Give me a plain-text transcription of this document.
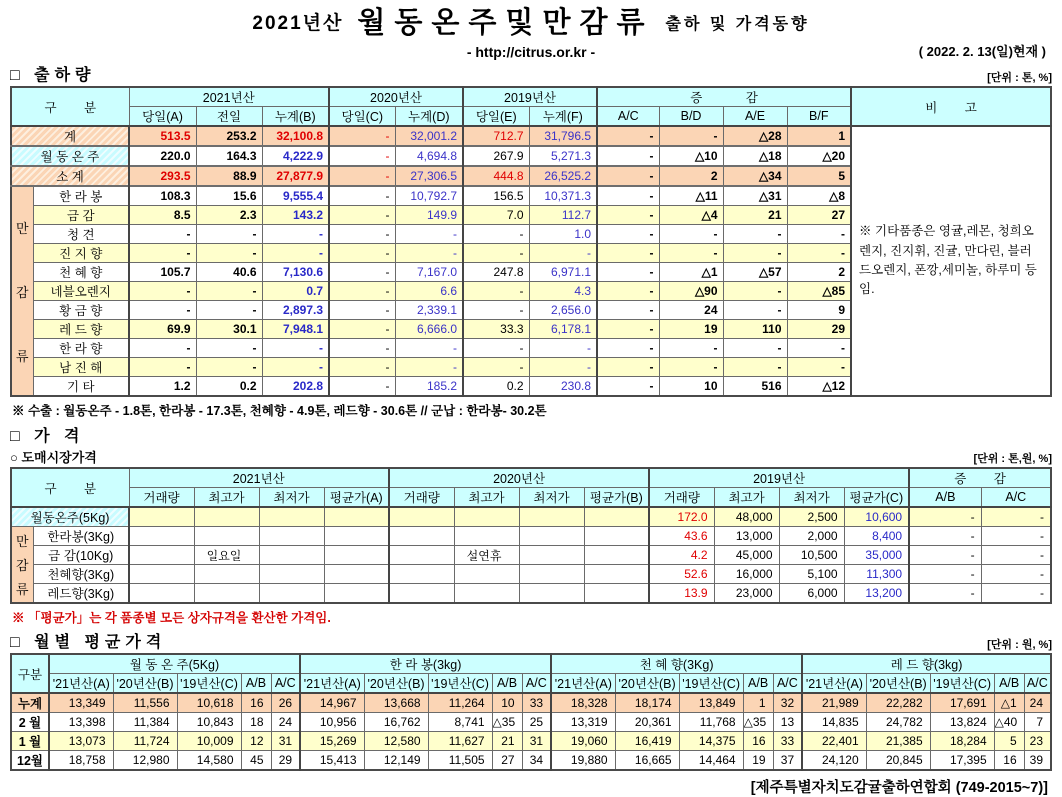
2021년산 월동온주및만감류 출하 및 가격동향
- http://citrus.or.kr -	( 2022. 2. 13(일)현재 )
□ 출하량	[단위 : 톤, %]
구 분		2021년산			2020년산		2019년산		증 감				비 고
		당일(A)	전일	누계(B)	당일(C)	누계(D)	당일(E)	누계(F)	A/C	B/D	A/E	B/F	
계		513.5	253.2	32,100.8	-	32,001.2	712.7	31,796.5	-	-	△28	1	※ 기타품종은 영귤,레몬, 청희오렌지, 진지휘, 진귤, 만다린, 블러드오렌지, 폰깡,세미놀, 하루미 등 임.
월 동 온 주		220.0	164.3	4,222.9	-	4,694.8	267.9	5,271.3	-	△10	△18	△20	
소 계		293.5	88.9	27,877.9	-	27,306.5	444.8	26,525.2	-	2	△34	5	

만
감
류	한 라 봉	108.3	15.6	9,555.4	-	10,792.7	156.5	10,371.3	-	△11	△31	△8	
	금 감	8.5	2.3	143.2	-	149.9	7.0	112.7	-	△4	21	27	
	청 견	-	-	-	-	-	-	1.0	-	-	-	-	
	진 지 향	-	-	-	-	-	-	-	-	-	-	-	
	천 혜 향	105.7	40.6	7,130.6	-	7,167.0	247.8	6,971.1	-	△1	△57	2	
	네블오렌지	-	-	0.7	-	6.6	-	4.3	-	△90	-	△85	
	황 금 향	-	-	2,897.3	-	2,339.1	-	2,656.0	-	24	-	9	
	레 드 향	69.9	30.1	7,948.1	-	6,666.0	33.3	6,178.1	-	19	110	29	
	한 라 향	-	-	-	-	-	-	-	-	-	-	-	
	남 진 해	-	-	-	-	-	-	-	-	-	-	-	
	기 타	1.2	0.2	202.8	-	185.2	0.2	230.8	-	10	516	△12	
※ 수출 : 월동온주 - 1.8톤, 한라봉 - 17.3톤, 천혜향 - 4.9톤, 레드향 - 30.6톤 // 군납 : 한라봉- 30.2톤
□ 가 격
○ 도매시장가격	[단위 : 톤,원, %]
구 분		2021년산				2020년산				2019년산				증 감	
		거래량	최고가	최저가	평균가(A)	거래량	최고가	최저가	평균가(B)	거래량	최고가	최저가	평균가(C)	A/B	A/C
월동온주(5Kg)										172.0	48,000	2,500	10,600	-	-

만
감
류	한라봉(3Kg)									43.6	13,000	2,000	8,400	-	-
	금 감(10Kg)		일요일				설연휴			4.2	45,000	10,500	35,000	-	-
	천혜향(3Kg)									52.6	16,000	5,100	11,300	-	-
	레드향(3Kg)									13.9	23,000	6,000	13,200	-	-
※ 「평균가」는 각 품종별 모든 상자규격을 환산한 가격임.
□ 월별 평균가격	[단위 : 원, %]
구분	월 동 온 주(5Kg)					한 라 봉(3kg)					천 혜 향(3Kg)					레 드 향(3kg)				
	'21년산(A)	'20년산(B)	'19년산(C)	A/B	A/C	'21년산(A)	'20년산(B)	'19년산(C)	A/B	A/C	'21년산(A)	'20년산(B)	'19년산(C)	A/B	A/C	'21년산(A)	'20년산(B)	'19년산(C)	A/B	A/C
누계	13,349	11,556	10,618	16	26	14,967	13,668	11,264	10	33	18,328	18,174	13,849	1	32	21,989	22,282	17,691	△1	24
2 월	13,398	11,384	10,843	18	24	10,956	16,762	8,741	△35	25	13,319	20,361	11,768	△35	13	14,835	24,782	13,824	△40	7
1 월	13,073	11,724	10,009	12	31	15,269	12,580	11,627	21	31	19,060	16,419	14,375	16	33	22,401	21,385	18,284	5	23
12월	18,758	12,980	14,580	45	29	15,413	12,149	11,505	27	34	19,880	16,665	14,464	19	37	24,120	20,845	17,395	16	39
[제주특별자치도감귤출하연합회 (749-2015~7)]
